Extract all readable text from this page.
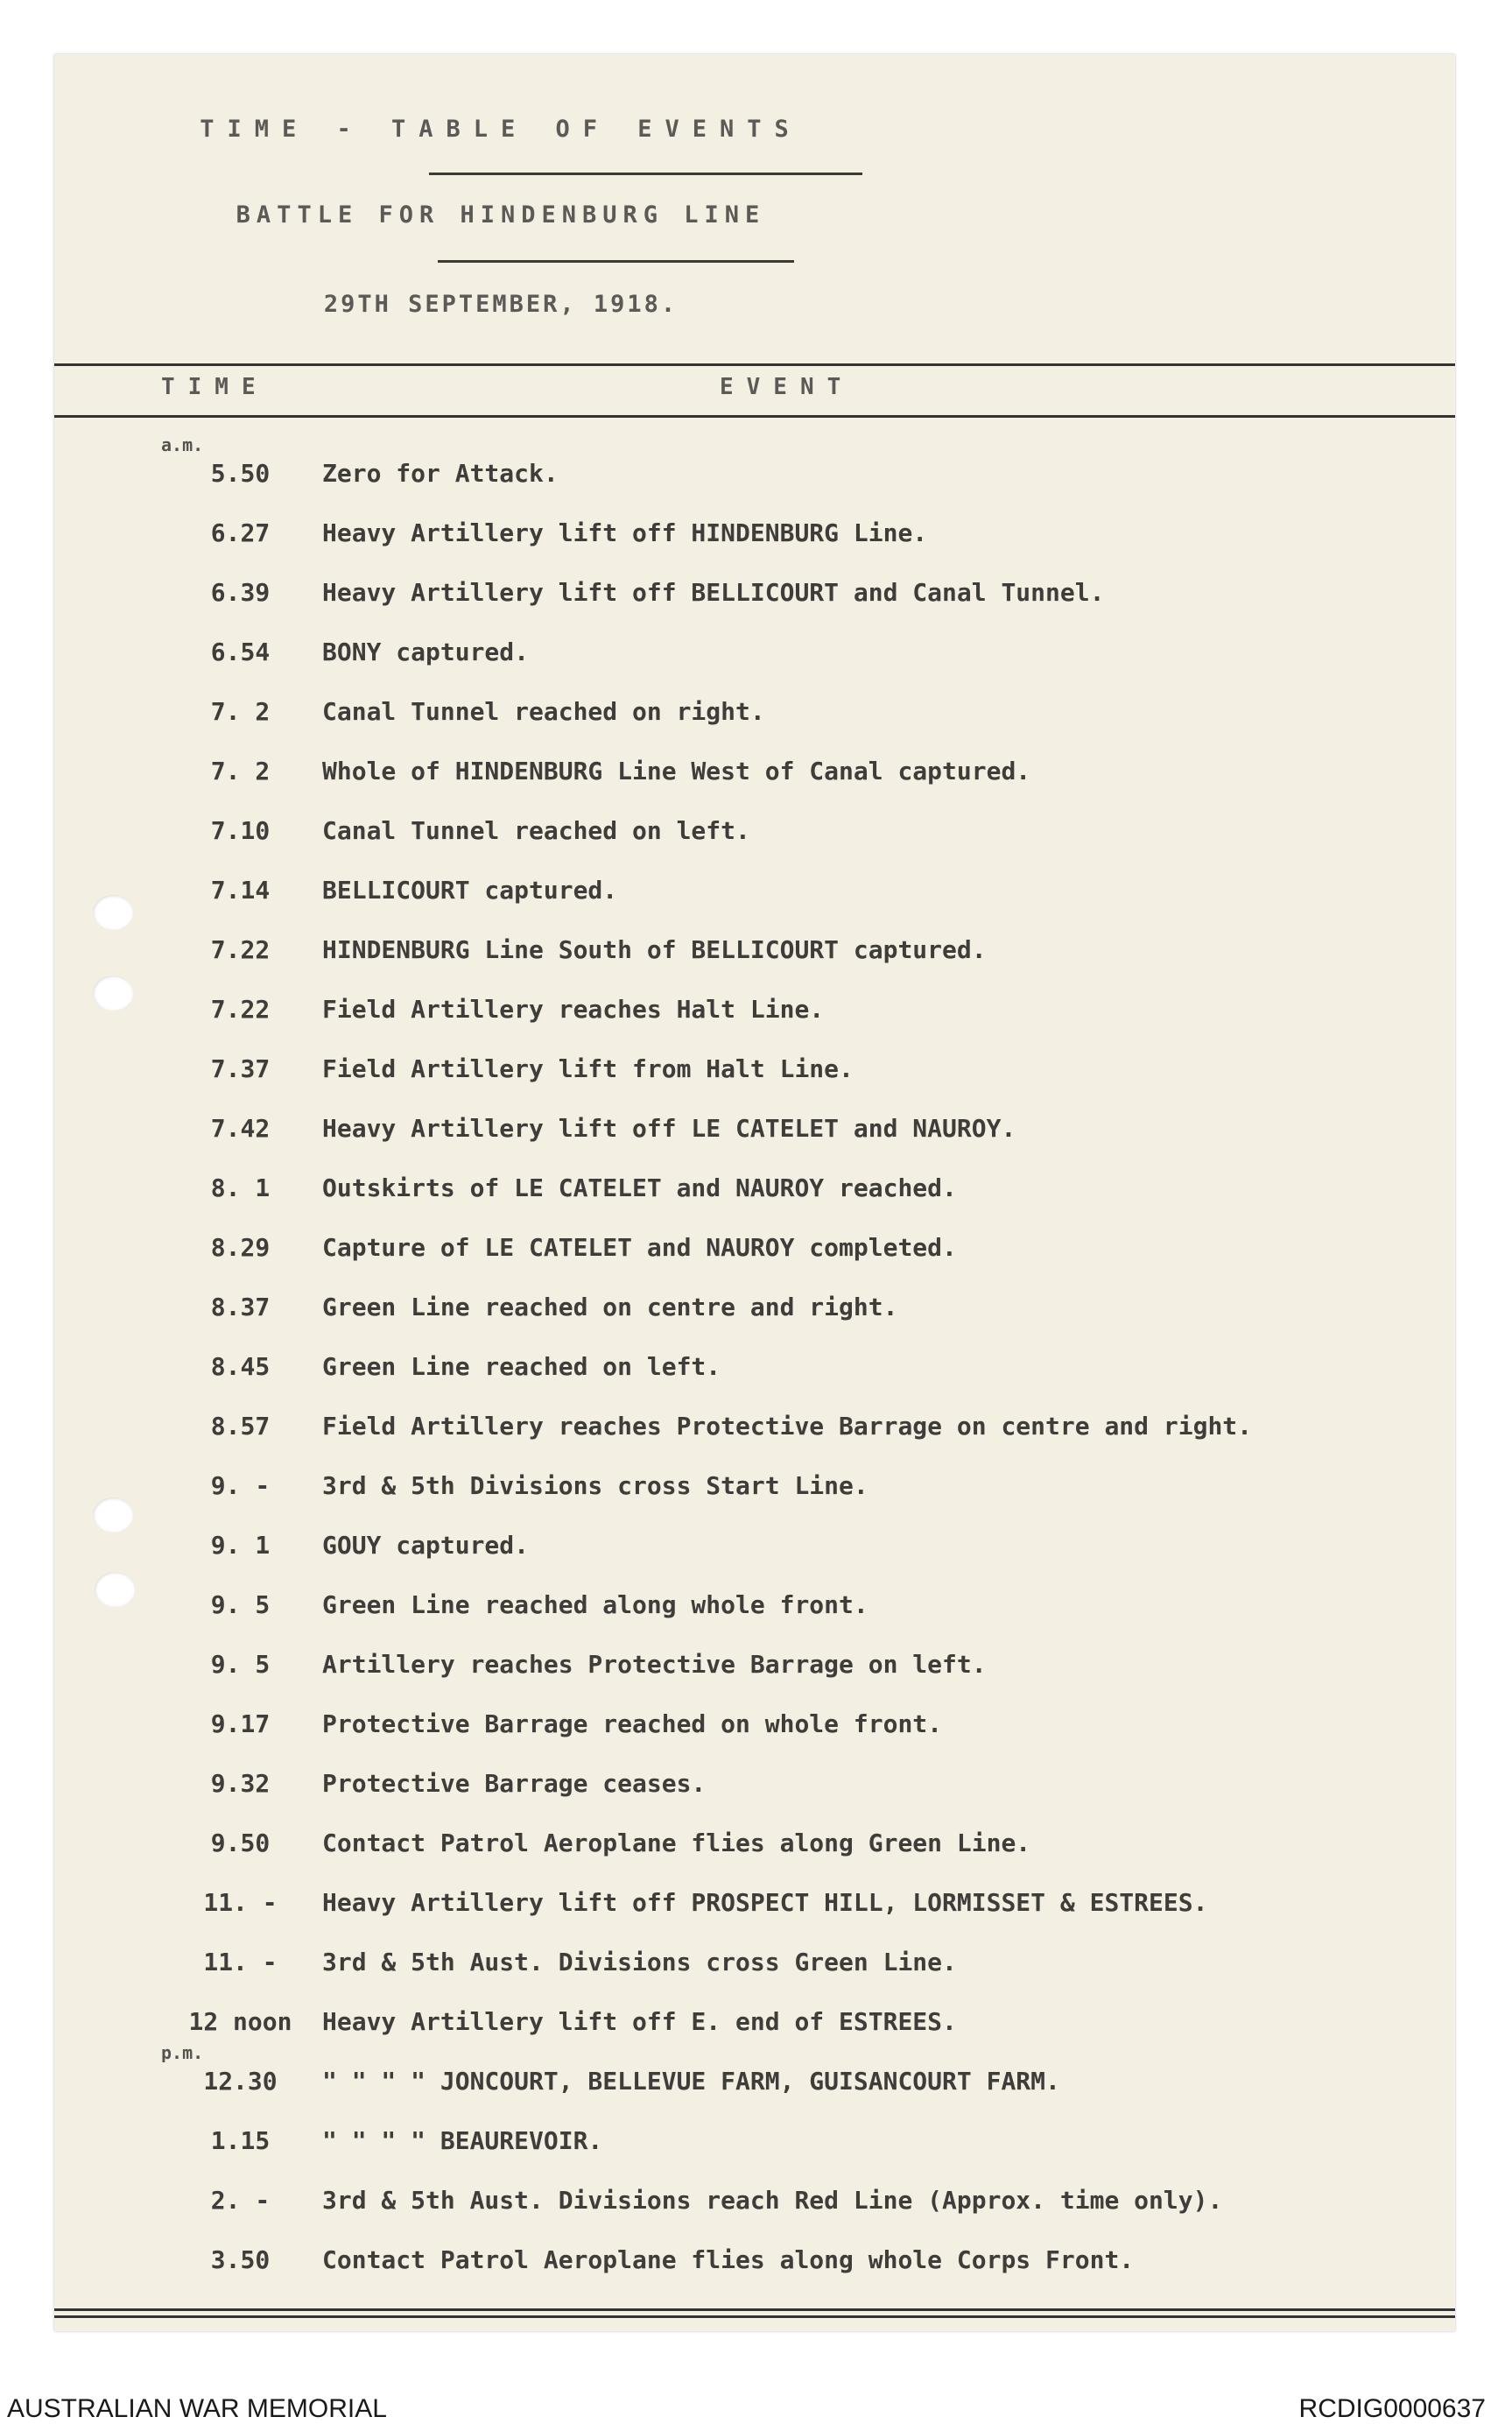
TIME - TABLE OF EVENTS
BATTLE FOR HINDENBURG LINE
29TH SEPTEMBER, 1918.
TIME	EVENT
a.m.
5.50	Zero for Attack.
6.27	Heavy Artillery lift off HINDENBURG Line.
6.39	Heavy Artillery lift off BELLICOURT and Canal Tunnel.
6.54	BONY captured.
7. 2	Canal Tunnel reached on right.
7. 2	Whole of HINDENBURG Line West of Canal captured.
7.10	Canal Tunnel reached on left.
7.14	BELLICOURT captured.
7.22	HINDENBURG Line South of BELLICOURT captured.
7.22	Field Artillery reaches Halt Line.
7.37	Field Artillery lift from Halt Line.
7.42	Heavy Artillery lift off LE CATELET and NAUROY.
8. 1	Outskirts of LE CATELET and NAUROY reached.
8.29	Capture of LE CATELET and NAUROY completed.
8.37	Green Line reached on centre and right.
8.45	Green Line reached on left.
8.57	Field Artillery reaches Protective Barrage on centre and right.
9. -	3rd & 5th Divisions cross Start Line.
9. 1	GOUY captured.
9. 5	Green Line reached along whole front.
9. 5	Artillery reaches Protective Barrage on left.
9.17	Protective Barrage reached on whole front.
9.32	Protective Barrage ceases.
9.50	Contact Patrol Aeroplane flies along Green Line.
11. -	Heavy Artillery lift off PROSPECT HILL, LORMISSET & ESTREES.
11. -	3rd & 5th Aust. Divisions cross Green Line.
12 noon	Heavy Artillery lift off E. end of ESTREES.
p.m.
12.30	" " " " JONCOURT, BELLEVUE FARM, GUISANCOURT FARM.
1.15	" " " " BEAUREVOIR.
2. -	3rd & 5th Aust. Divisions reach Red Line (Approx. time only).
3.50	Contact Patrol Aeroplane flies along whole Corps Front.
AUSTRALIAN WAR MEMORIAL	RCDIG0000637
